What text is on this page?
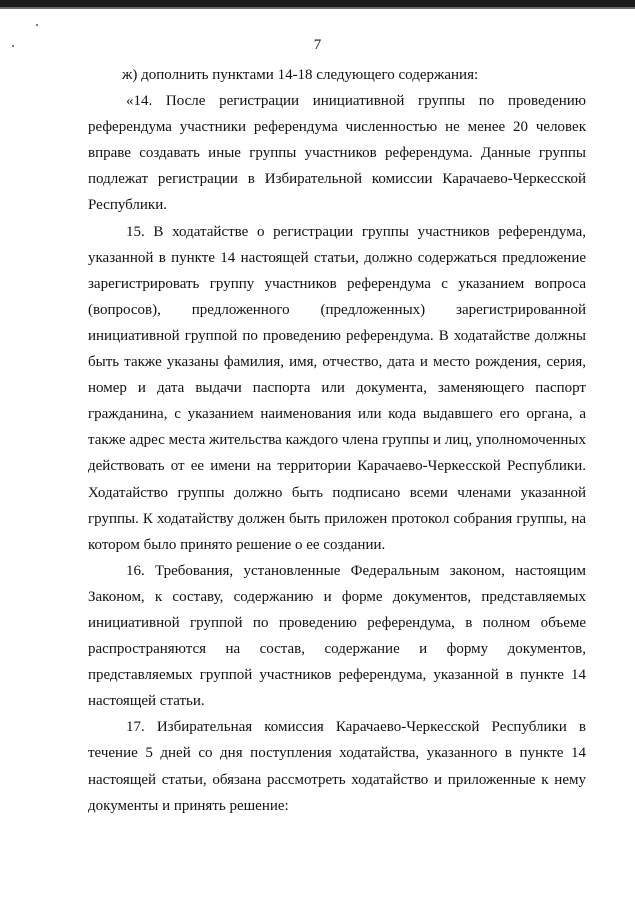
7

ж) дополнить пунктами 14-18 следующего содержания:

«14. После регистрации инициативной группы по проведению референдума участники референдума численностью не менее 20 человек вправе создавать иные группы участников референдума. Данные группы подлежат регистрации в Избирательной комиссии Карачаево-Черкесской Республики.

15. В ходатайстве о регистрации группы участников референдума, указанной в пункте 14 настоящей статьи, должно содержаться предложение зарегистрировать группу участников референдума с указанием вопроса (вопросов), предложенного (предложенных) зарегистрированной инициативной группой по проведению референдума. В ходатайстве должны быть также указаны фамилия, имя, отчество, дата и место рождения, серия, номер и дата выдачи паспорта или документа, заменяющего паспорт гражданина, с указанием наименования или кода выдавшего его органа, а также адрес места жительства каждого члена группы и лиц, уполномоченных действовать от ее имени на территории Карачаево-Черкесской Республики. Ходатайство группы должно быть подписано всеми членами указанной группы. К ходатайству должен быть приложен протокол собрания группы, на котором было принято решение о ее создании.

16. Требования, установленные Федеральным законом, настоящим Законом, к составу, содержанию и форме документов, представляемых инициативной группой по проведению референдума, в полном объеме распространяются на состав, содержание и форму документов, представляемых группой участников референдума, указанной в пункте 14 настоящей статьи.

17. Избирательная комиссия Карачаево-Черкесской Республики в течение 5 дней со дня поступления ходатайства, указанного в пункте 14 настоящей статьи, обязана рассмотреть ходатайство и приложенные к нему документы и принять решение:
